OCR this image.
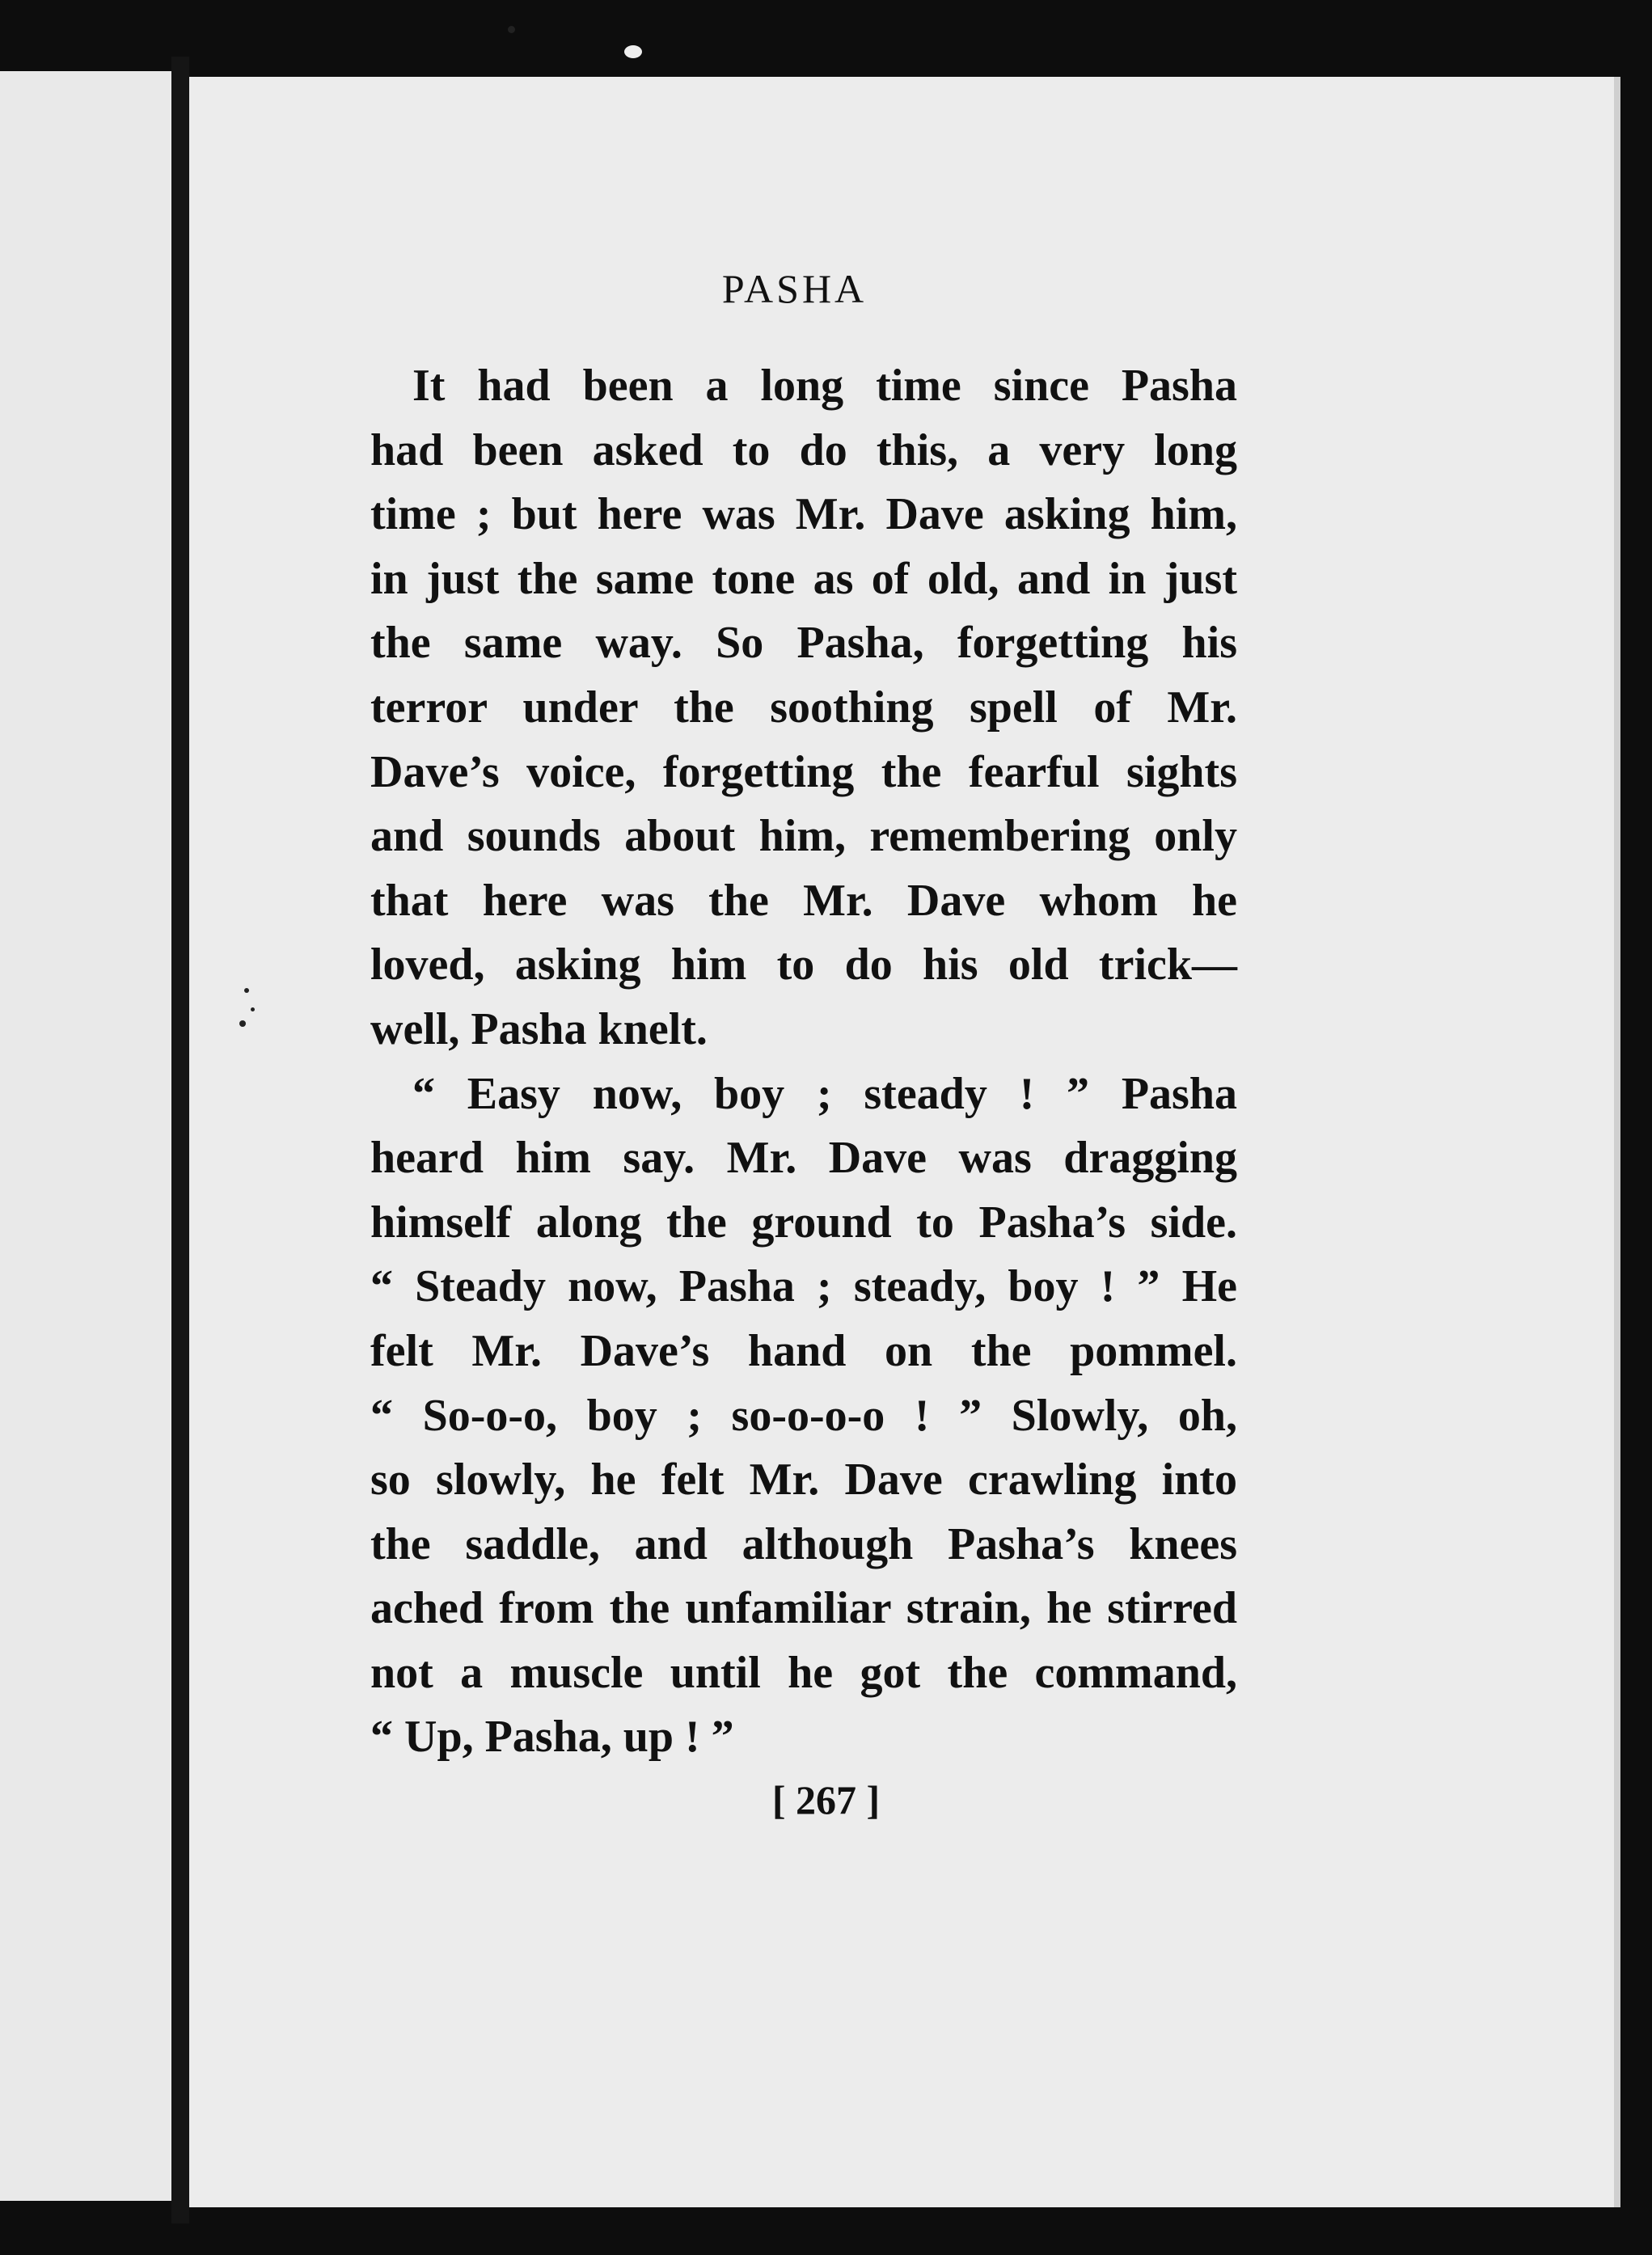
PASHA
It had been a long time since Pasha
had been asked to do this, a very long
time ; but here was Mr. Dave asking him,
in just the same tone as of old, and in just
the same way. So Pasha, forgetting his
terror under the soothing spell of Mr.
Dave’s voice, forgetting the fearful sights
and sounds about him, remembering only
that here was the Mr. Dave whom he
loved, asking him to do his old trick—
well, Pasha knelt.
“ Easy now, boy ; steady ! ” Pasha
heard him say. Mr. Dave was dragging
himself along the ground to Pasha’s side.
“ Steady now, Pasha ; steady, boy ! ” He
felt Mr. Dave’s hand on the pommel.
“ So-o-o, boy ; so-o-o-o ! ” Slowly, oh,
so slowly, he felt Mr. Dave crawling into
the saddle, and although Pasha’s knees
ached from the unfamiliar strain, he stirred
not a muscle until he got the command,
“ Up, Pasha, up ! ”
[ 267 ]
